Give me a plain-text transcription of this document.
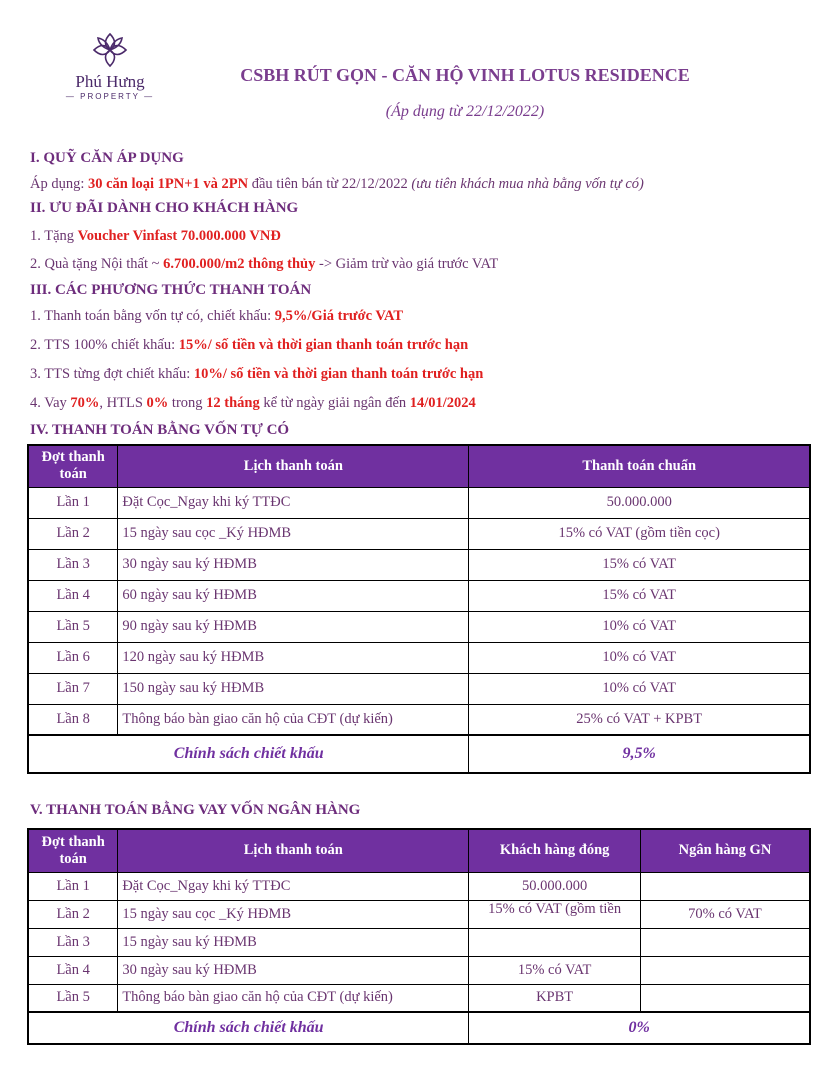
Phú Hưng
— PROPERTY —
CSBH RÚT GỌN - CĂN HỘ VINH LOTUS RESIDENCE
(Áp dụng từ 22/12/2022)
I. QUỸ CĂN ÁP DỤNG
Áp dụng: 30 căn loại 1PN+1 và 2PN đầu tiên bán từ 22/12/2022 (ưu tiên khách mua nhà bằng vốn tự có)
II. ƯU ĐÃI DÀNH CHO KHÁCH HÀNG
1. Tặng Voucher Vinfast 70.000.000 VNĐ
2. Quà tặng Nội thất ~ 6.700.000/m2 thông thủy -> Giảm trừ vào giá trước VAT
III. CÁC PHƯƠNG THỨC THANH TOÁN
1. Thanh toán bằng vốn tự có, chiết khấu: 9,5%/Giá trước VAT
2. TTS 100% chiết khấu: 15%/ số tiền và thời gian thanh toán trước hạn
3. TTS từng đợt chiết khấu: 10%/ số tiền và thời gian thanh toán trước hạn
4. Vay 70%, HTLS 0% trong 12 tháng kể từ ngày giải ngân đến 14/01/2024
IV. THANH TOÁN BẰNG VỐN TỰ CÓ
Đợt thanh toán	Lịch thanh toán	Thanh toán chuẩn
Lần 1	Đặt Cọc_Ngay khi ký TTĐC	50.000.000
Lần 2	15 ngày sau cọc _Ký HĐMB	15% có VAT (gồm tiền cọc)
Lần 3	30 ngày sau ký HĐMB	15% có VAT
Lần 4	60 ngày sau ký HĐMB	15% có VAT
Lần 5	90 ngày sau ký HĐMB	10% có VAT
Lần 6	120 ngày sau ký HĐMB	10% có VAT
Lần 7	150 ngày sau ký HĐMB	10% có VAT
Lần 8	Thông báo bàn giao căn hộ của CĐT (dự kiến)	25% có VAT + KPBT
Chính sách chiết khấu		9,5%
V. THANH TOÁN BẰNG VAY VỐN NGÂN HÀNG
Đợt thanh toán	Lịch thanh toán	Khách hàng đóng	Ngân hàng GN
Lần 1	Đặt Cọc_Ngay khi ký TTĐC	50.000.000	
Lần 2	15 ngày sau cọc _Ký HĐMB	15% có VAT (gồm tiền	70% có VAT
Lần 3	15 ngày sau ký HĐMB		
Lần 4	30 ngày sau ký HĐMB	15% có VAT	
Lần 5	Thông báo bàn giao căn hộ của CĐT (dự kiến)	KPBT	
Chính sách chiết khấu		0%	
